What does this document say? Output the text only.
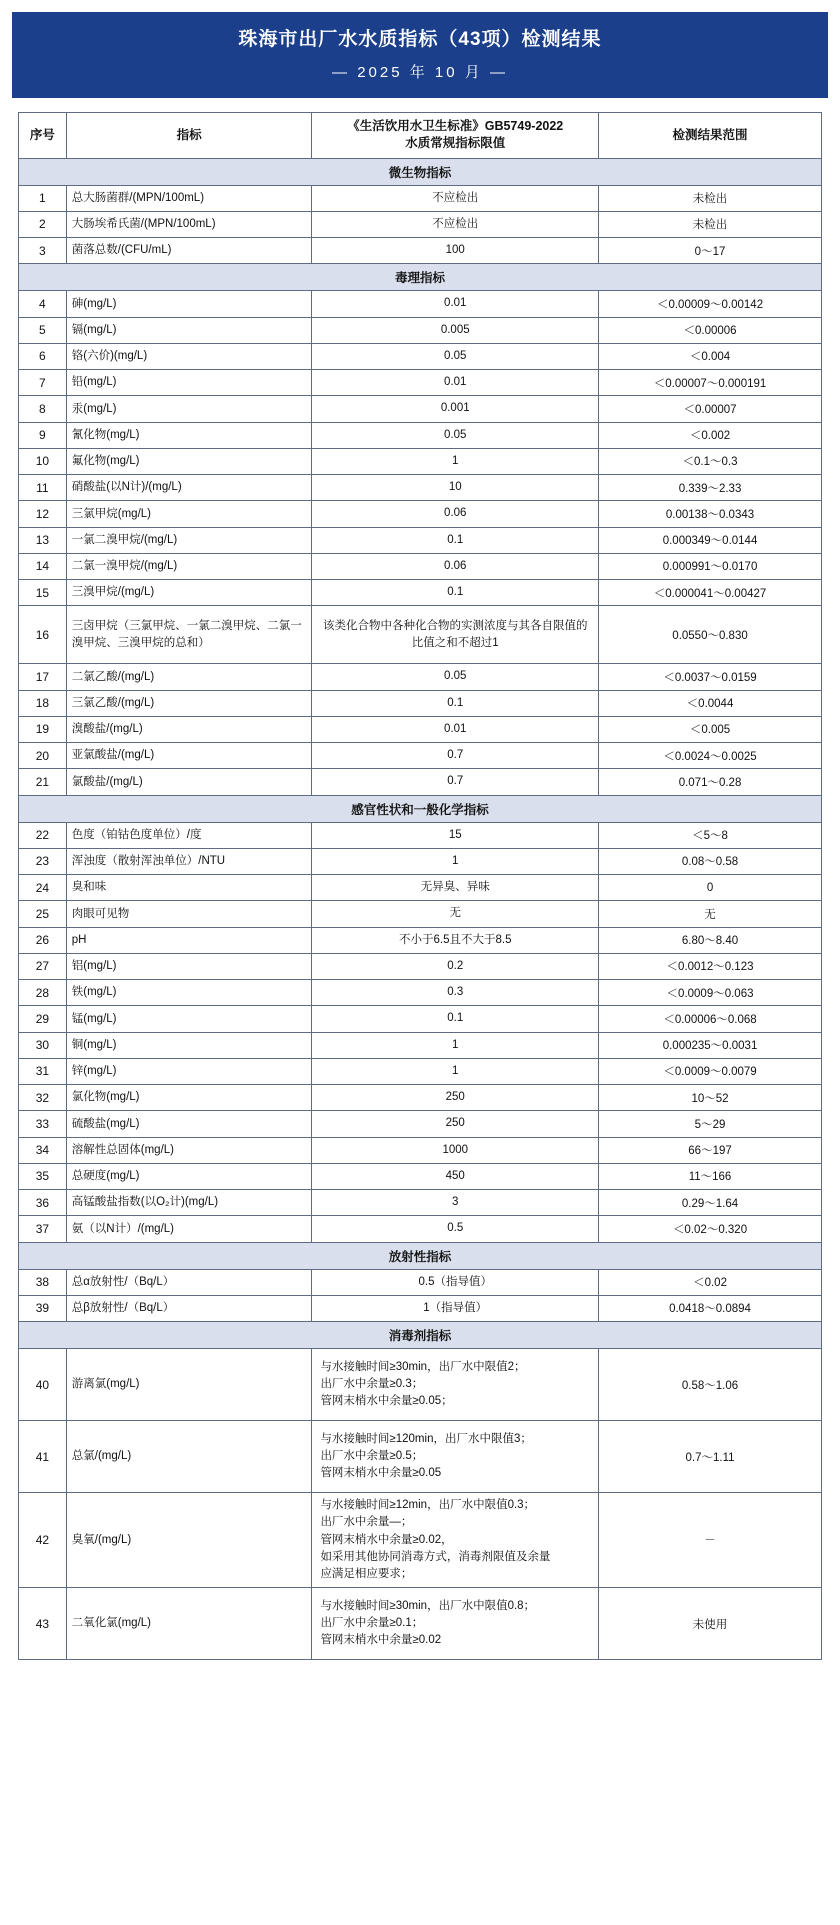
珠海市出厂水水质指标（43项）检测结果
— 2025 年 10 月 —
序号	指标	《生活饮用水卫生标准》GB5749-2022
水质常规指标限值	检测结果范围
微生物指标			
1	总大肠菌群/(MPN/100mL)	不应检出	未检出
2	大肠埃希氏菌/(MPN/100mL)	不应检出	未检出
3	菌落总数/(CFU/mL)	100	0～17
毒理指标			
4	砷(mg/L)	0.01	＜0.00009～0.00142
5	镉(mg/L)	0.005	＜0.00006
6	铬(六价)(mg/L)	0.05	＜0.004
7	铅(mg/L)	0.01	＜0.00007～0.000191
8	汞(mg/L)	0.001	＜0.00007
9	氰化物(mg/L)	0.05	＜0.002
10	氟化物(mg/L)	1	＜0.1～0.3
11	硝酸盐(以N计)/(mg/L)	10	0.339～2.33
12	三氯甲烷(mg/L)	0.06	0.00138～0.0343
13	一氯二溴甲烷/(mg/L)	0.1	0.000349～0.0144
14	二氯一溴甲烷/(mg/L)	0.06	0.000991～0.0170
15	三溴甲烷/(mg/L)	0.1	＜0.000041～0.00427
16	三卤甲烷（三氯甲烷、一氯二溴甲烷、二氯一溴甲烷、三溴甲烷的总和）	该类化合物中各种化合物的实测浓度与其各自限值的比值之和不超过1	0.0550～0.830
17	二氯乙酸/(mg/L)	0.05	＜0.0037～0.0159
18	三氯乙酸/(mg/L)	0.1	＜0.0044
19	溴酸盐/(mg/L)	0.01	＜0.005
20	亚氯酸盐/(mg/L)	0.7	＜0.0024～0.0025
21	氯酸盐/(mg/L)	0.7	0.071～0.28
感官性状和一般化学指标			
22	色度（铂钴色度单位）/度	15	＜5～8
23	浑浊度（散射浑浊单位）/NTU	1	0.08～0.58
24	臭和味	无异臭、异味	0
25	肉眼可见物	无	无
26	pH	不小于6.5且不大于8.5	6.80～8.40
27	铝(mg/L)	0.2	＜0.0012～0.123
28	铁(mg/L)	0.3	＜0.0009～0.063
29	锰(mg/L)	0.1	＜0.00006～0.068
30	铜(mg/L)	1	0.000235～0.0031
31	锌(mg/L)	1	＜0.0009～0.0079
32	氯化物(mg/L)	250	10～52
33	硫酸盐(mg/L)	250	5～29
34	溶解性总固体(mg/L)	1000	66～197
35	总硬度(mg/L)	450	11～166
36	高锰酸盐指数(以O₂计)(mg/L)	3	0.29～1.64
37	氨（以N计）/(mg/L)	0.5	＜0.02～0.320
放射性指标			
38	总α放射性/（Bq/L）	0.5（指导值）	＜0.02
39	总β放射性/（Bq/L）	1（指导值）	0.0418～0.0894
消毒剂指标			
40	游离氯(mg/L)	与水接触时间≥30min，出厂水中限值2；
出厂水中余量≥0.3；
管网末梢水中余量≥0.05；	0.58～1.06
41	总氯/(mg/L)	与水接触时间≥120min，出厂水中限值3；
出厂水中余量≥0.5；
管网末梢水中余量≥0.05	0.7～1.11
42	臭氧/(mg/L)	与水接触时间≥12min，出厂水中限值0.3；
出厂水中余量—；
管网末梢水中余量≥0.02，
如采用其他协同消毒方式，消毒剂限值及余量
应满足相应要求；	－
43	二氧化氯(mg/L)	与水接触时间≥30min，出厂水中限值0.8；
出厂水中余量≥0.1；
管网末梢水中余量≥0.02	未使用
